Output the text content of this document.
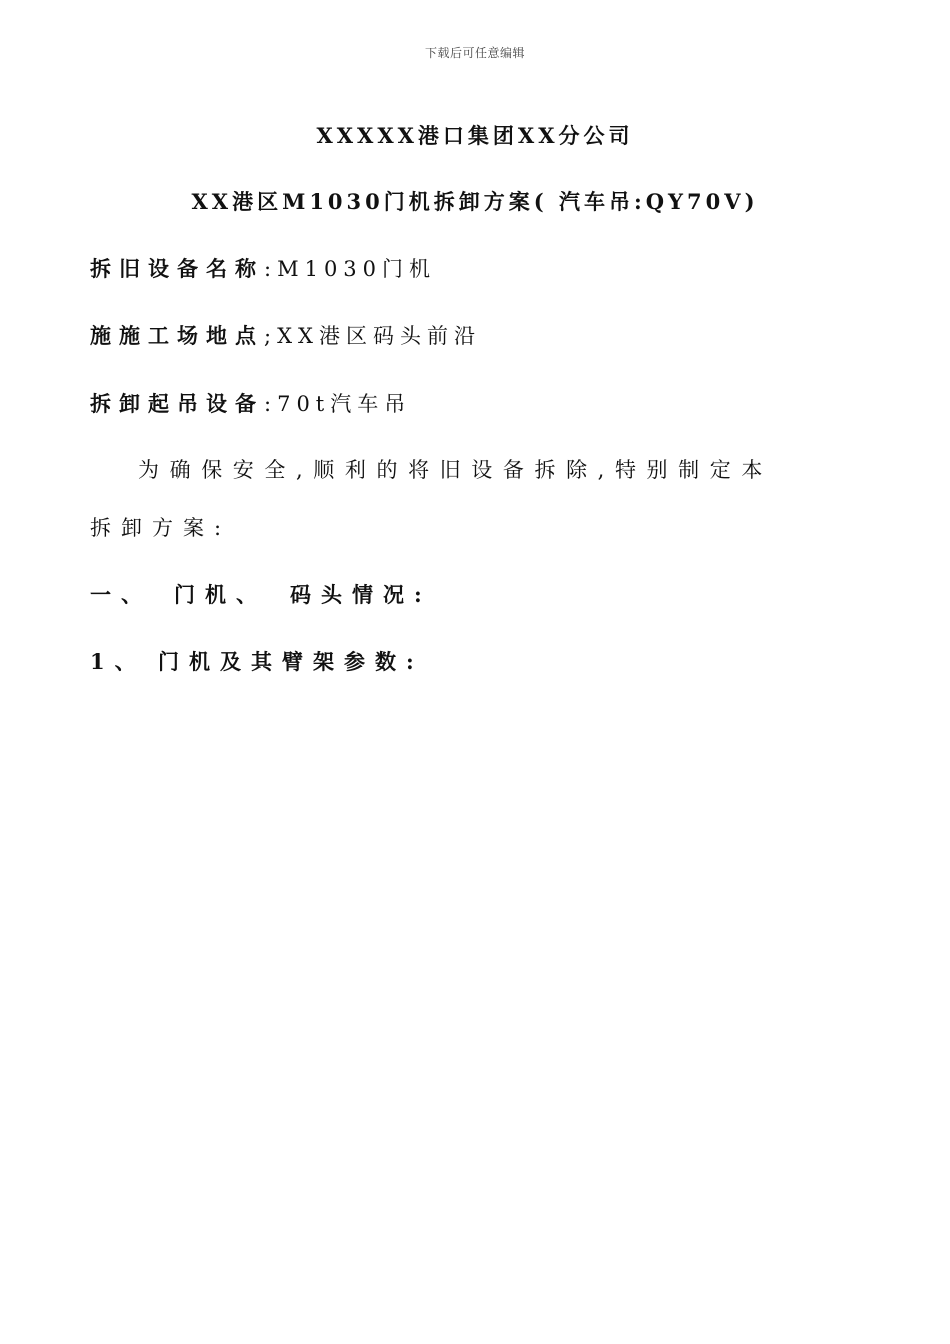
下载后可任意编辑
XXXXX港口集团XX分公司
XX港区M1030门机拆卸方案( 汽车吊:QY70V)
拆旧设备名称:M1030门机
施施工场地点;XX港区码头前沿
拆卸起吊设备:70t汽车吊
为确保安全,顺利的将旧设备拆除,特别制定本
拆卸方案:
一、 门机、 码头情况:
1、 门机及其臂架参数:
